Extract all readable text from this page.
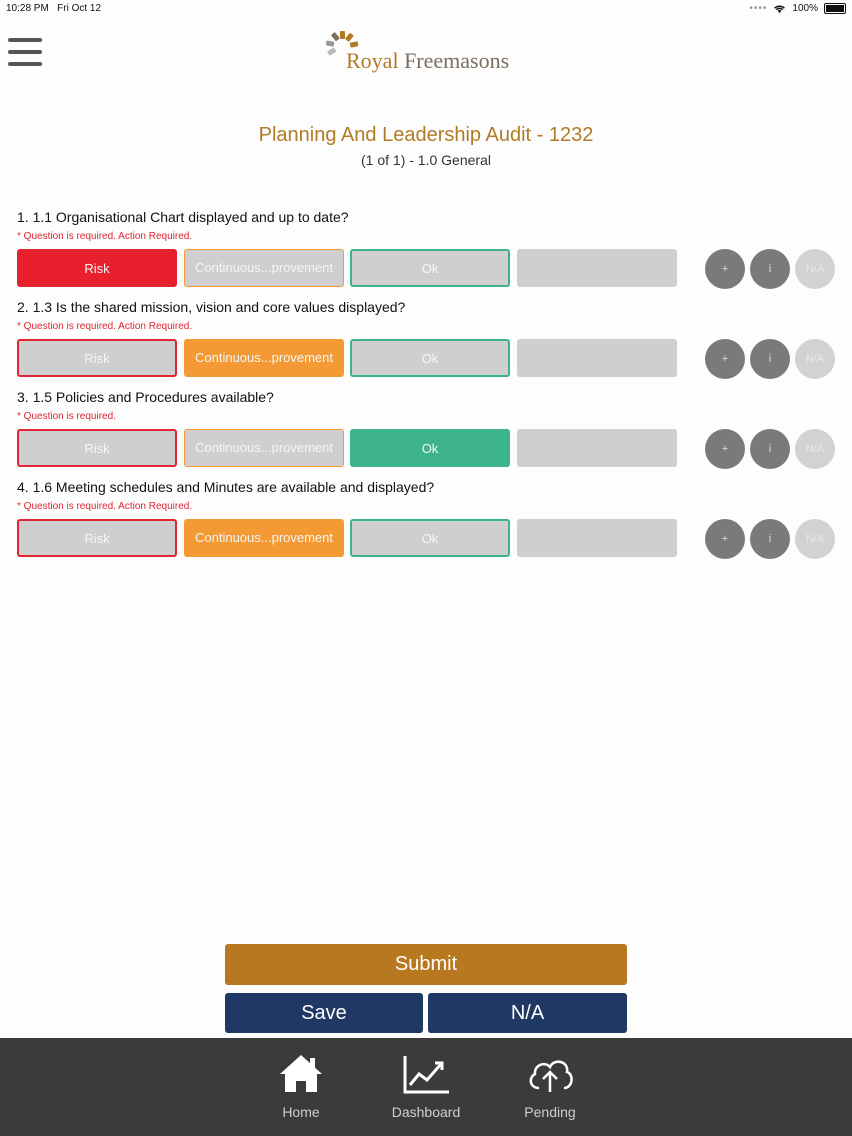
10:28 PM Fri Oct 12	••••	100%
Royal Freemasons
Planning And Leadership Audit - 1232
(1 of 1) - 1.0 General
1. 1.1 Organisational Chart displayed and up to date?
* Question is required. Action Required.
Risk	Continuous...provement	Ok	+	i	N/A
2. 1.3 Is the shared mission, vision and core values displayed?
* Question is required. Action Required.
Risk	Continuous...provement	Ok	+	i	N/A
3. 1.5 Policies and Procedures available?
* Question is required.
Risk	Continuous...provement	Ok	+	i	N/A
4. 1.6 Meeting schedules and Minutes are available and displayed?
* Question is required. Action Required.
Risk	Continuous...provement	Ok	+	i	N/A
Submit
Save	N/A
Home	Dashboard	Pending
